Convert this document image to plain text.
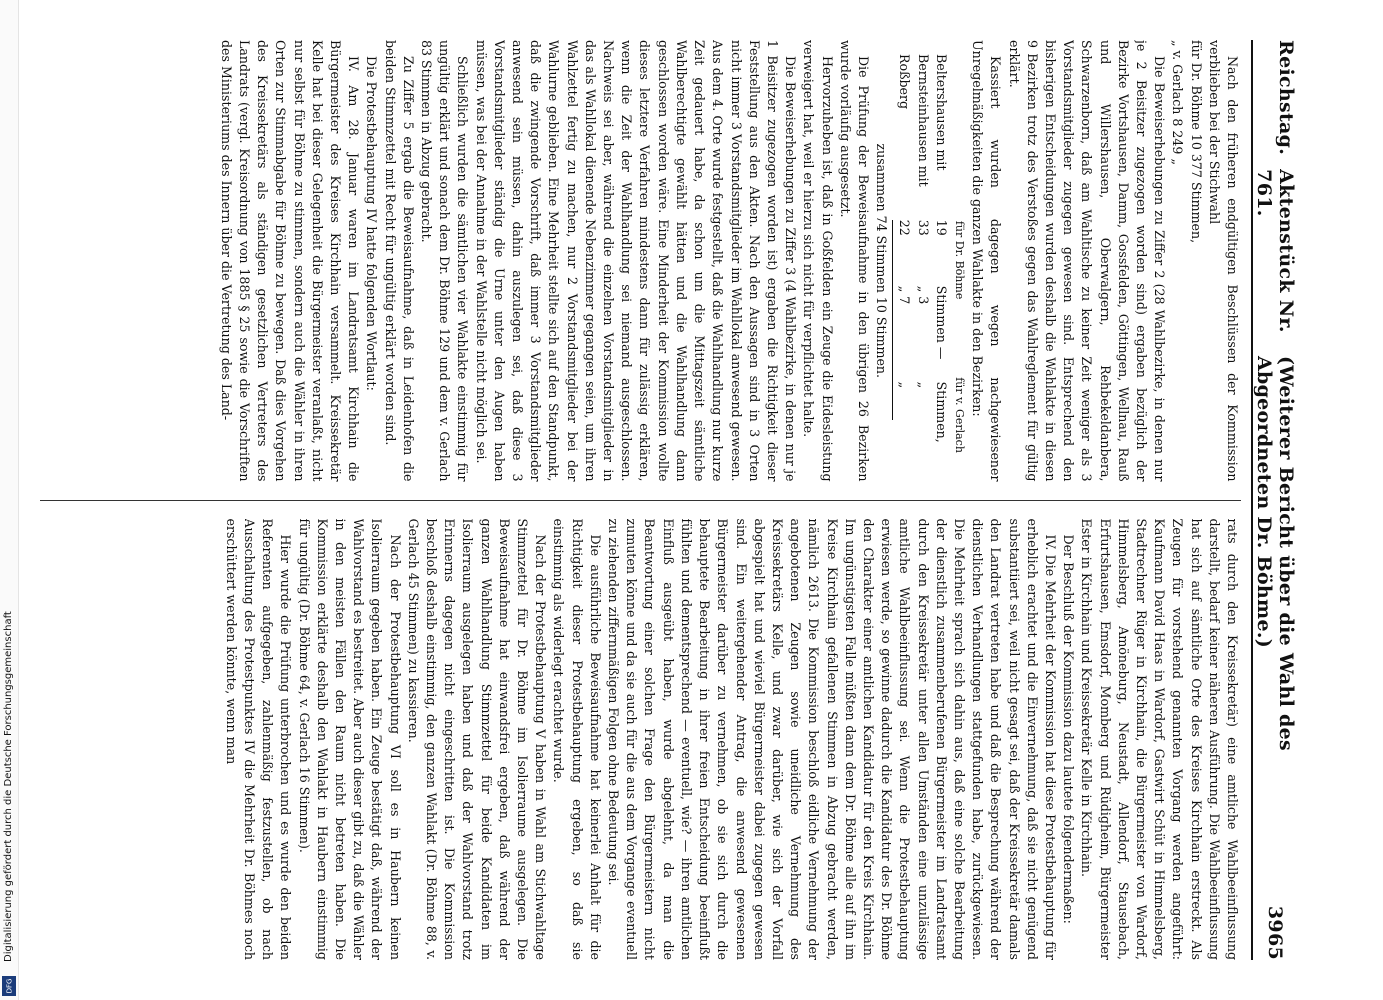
Digitalisierung gefördert durch die Deutsche Forschungsgemeinschaft
DFG
Reichstag.
Aktenstück Nr. 761.
(Weiterer Bericht über die Wahl des Abgeordneten Dr. Böhme.)
3965

Nach den früheren endgültigen Beschlüssen der Kommission verblieben bei der Stichwahl

für Dr. Böhme 10 377 Stimmen,

„ v. Gerlach 8 249 „

Die Beweiserhebungen zu Ziffer 2 (28 Wahlbezirke, in denen nur je 2 Beisitzer zugezogen worden sind) ergaben bezüglich der Bezirke Vortshausen, Damm, Gossfelden, Göttingen, Wellnau, Rauß und Willershausen, Oberwalgern, Rehbekeldanbera, Schwarzenborn, daß am Wahltische zu keiner Zeit weniger als 3 Vorstandsmitglieder zugegen gewesen sind. Entsprechend den bisherigen Entscheidungen wurden deshalb die Wahlakte in diesen 9 Bezirken trotz des Verstoßes gegen das Wahlreglement für gültig erklärt.

Kassiert wurden dagegen wegen nachgewiesener Unregelmäßigkeiten die ganzen Wahlakte in den Bezirken:

für Dr. Böhme
für v. Gerlach
Beltershausen mit
19
Stimmen —
Stimmen,
Bernsteinhausen mit
33
„ 3
„
Roßberg
22
„ 7
„

zusammen 74 Stimmen 10 Stimmen.

Die Prüfung der Beweisaufnahme in den übrigen 26 Bezirken wurde vorläufig ausgesetzt.

Hervorzuheben ist, daß in Goßfelden ein Zeuge die Eidesleistung verweigert hat, weil er hierzu sich nicht für verpflichtet halte.

Die Beweiserhebungen zu Ziffer 3 (4 Wahlbezirke, in denen nur je 1 Beisitzer zugezogen worden ist) ergaben die Richtigkeit dieser Feststellung aus den Akten. Nach den Aussagen sind in 3 Orten nicht immer 3 Vorstandsmitglieder im Wahllokal anwesend gewesen. Aus dem 4. Orte wurde festgestellt, daß die Wahlhandlung nur kurze Zeit gedauert habe, da schon um die Mittagszeit sämtliche Wahlberechtigte gewählt hätten und die Wahlhandlung dann geschlossen worden wäre. Eine Minderheit der Kommission wollte dieses letztere Verfahren mindestens dann für zulässig erklären, wenn die Zeit der Wahlhandlung sei niemand ausgeschlossen. Nachweis sei aber, während die einzelnen Vorstandsmitglieder in das als Wahllokal dienende Nebenzimmer gegangen seien, um ihren Wahlzettel fertig zu machen, nur 2 Vorstandsmitglieder bei der Wahlurne geblieben. Eine Mehrheit stellte sich auf den Standpunkt, daß die zwingende Vorschrift, daß immer 3 Vorstandsmitglieder anwesend sein müssen, dahin auszulegen sei, daß diese 3 Vorstandsmitglieder ständig die Urne unter den Augen haben müssen, was bei der Annahme in der Wahlstelle nicht möglich sei.

Schließlich wurden die sämtlichen vier Wahlakte einstimmig für ungültig erklärt und sonach dem Dr. Böhme 129 und dem v. Gerlach 83 Stimmen in Abzug gebracht.

Zu Ziffer 5 ergab die Beweisaufnahme, daß in Leidenhofen die beiden Stimmzettel mit Recht für ungültig erklärt worden sind.

Die Protestbehauptung IV hatte folgenden Wortlaut:

IV. Am 28. Januar waren im Landratsamt Kirchhain die Bürgermeister des Kreises Kirchhain versammelt. Kreissekretär Kelle hat bei dieser Gelegenheit die Bürgermeister veranlaßt, nicht nur selbst für Böhme zu stimmen, sondern auch die Wähler in ihren Orten zur Stimmabgabe für Böhme zu bewegen. Daß dies Vorgehen des Kreissekretärs als ständigen gesetzlichen Vertreters des Landrats (vergl. Kreisordnung von 1885 § 25 sowie die Vorschriften des Ministeriums des Innern über die Vertretung des Land-

rats durch den Kreissekretär) eine amtliche Wahlbeeinflussung darstellt, bedarf keiner näheren Ausführung. Die Wahlbeeinflussung hat sich auf sämtliche Orte des Kreises Kirchhain erstreckt. Als Zeugen für vorstehend genannten Vorgang werden angeführt: Kaufmann David Haas in Wardorf, Gastwirt Schüt in Himmelsberg, Stadtrechner Rüger in Kirchhain, die Bürgermeister von Wardorf, Himmelsberg, Amöneburg, Neustadt, Allendorf, Stausebach, Erfurtshausen, Emsdorf, Momberg und Rüdigheim, Bürgermeister Ester in Kirchhain und Kreissekretär Kelle in Kirchhain.

Der Beschluß der Kommission dazu lautete folgendermaßen:

IV. Die Mehrheit der Kommission hat diese Protestbehauptung für erheblich erachtet und die Einvernehmung, daß sie nicht genügend substantiiert sei, weil nicht gesagt sei, daß der Kreissekretär damals den Landrat vertreten habe und daß die Besprechung während der dienstlichen Verhandlungen stattgefunden habe, zurückgewiesen. Die Mehrheit sprach sich dahin aus, daß eine solche Bearbeitung der dienstlich zusammenberufenen Bürgermeister im Landratsamt durch den Kreissekretär unter allen Umständen eine unzulässige amtliche Wahlbeeinflussung sei. Wenn die Protestbehauptung erwiesen werde, so gewinne dadurch die Kandidatur des Dr. Böhme den Charakter einer amtlichen Kandidatur für den Kreis Kirchhain. Im ungünstigsten Falle müßten dann dem Dr. Böhme alle auf ihn im Kreise Kirchhain gefallenen Stimmen in Abzug gebracht werden, nämlich 2613. Die Kommission beschloß eidliche Vernehmung der angebotenen Zeugen sowie uneidliche Vernehmung des Kreissekretärs Kelle, und zwar darüber, wie sich der Vorfall abgespielt hat und wieviel Bürgermeister dabei zugegen gewesen sind. Ein weitergehender Antrag, die anwesend gewesenen Bürgermeister darüber zu vernehmen, ob sie sich durch die behauptete Bearbeitung in ihrer freien Entscheidung beeinflußt fühlten und dementsprechend — eventuell, wie? — ihren amtlichen Einfluß ausgeübt haben, wurde abgelehnt, da man die Beantwortung einer solchen Frage den Bürgermeistern nicht zumuten könne und da sie auch für die aus dem Vorgange eventuell zu ziehenden ziffernmäßigen Folgen ohne Bedeutung sei.

Die ausführliche Beweisaufnahme hat keinerlei Anhalt für die Richtigkeit dieser Protestbehauptung ergeben, so daß sie einstimmig als widerlegt erachtet wurde.

Nach der Protestbehauptung V haben in Wahl am Stichwahltage Stimmzettel für Dr. Böhme im Isolierraume ausgelegen. Die Beweisaufnahme hat einwandsfrei ergeben, daß während der ganzen Wahlhandlung Stimmzettel für beide Kandidaten im Isolierraum ausgelegen haben und daß der Wahlvorstand trotz Erinnerns dagegen nicht eingeschritten ist. Die Kommission beschloß deshalb einstimmig, den ganzen Wahlakt (Dr. Böhme 88, v. Gerlach 45 Stimmen) zu kassieren.

Nach der Protestbehauptung VI soll es in Haubern keinen Isolierraum gegeben haben. Ein Zeuge bestätigt daß, während der Wahlvorstand es bestreitet. Aber auch dieser gibt zu, daß die Wähler in den meisten Fällen den Raum nicht betreten haben. Die Kommission erklärte deshalb den Wahlakt in Haubern einstimmig für ungültig (Dr. Böhme 64, v. Gerlach 16 Stimmen).

Hier wurde die Prüfung unterbrochen und es wurde den beiden Referenten aufgegeben, zahlenmäßig festzustellen, ob nach Ausschaltung des Protestpunktes IV die Mehrheit Dr. Böhmes noch erschüttert werden könnte, wenn man
